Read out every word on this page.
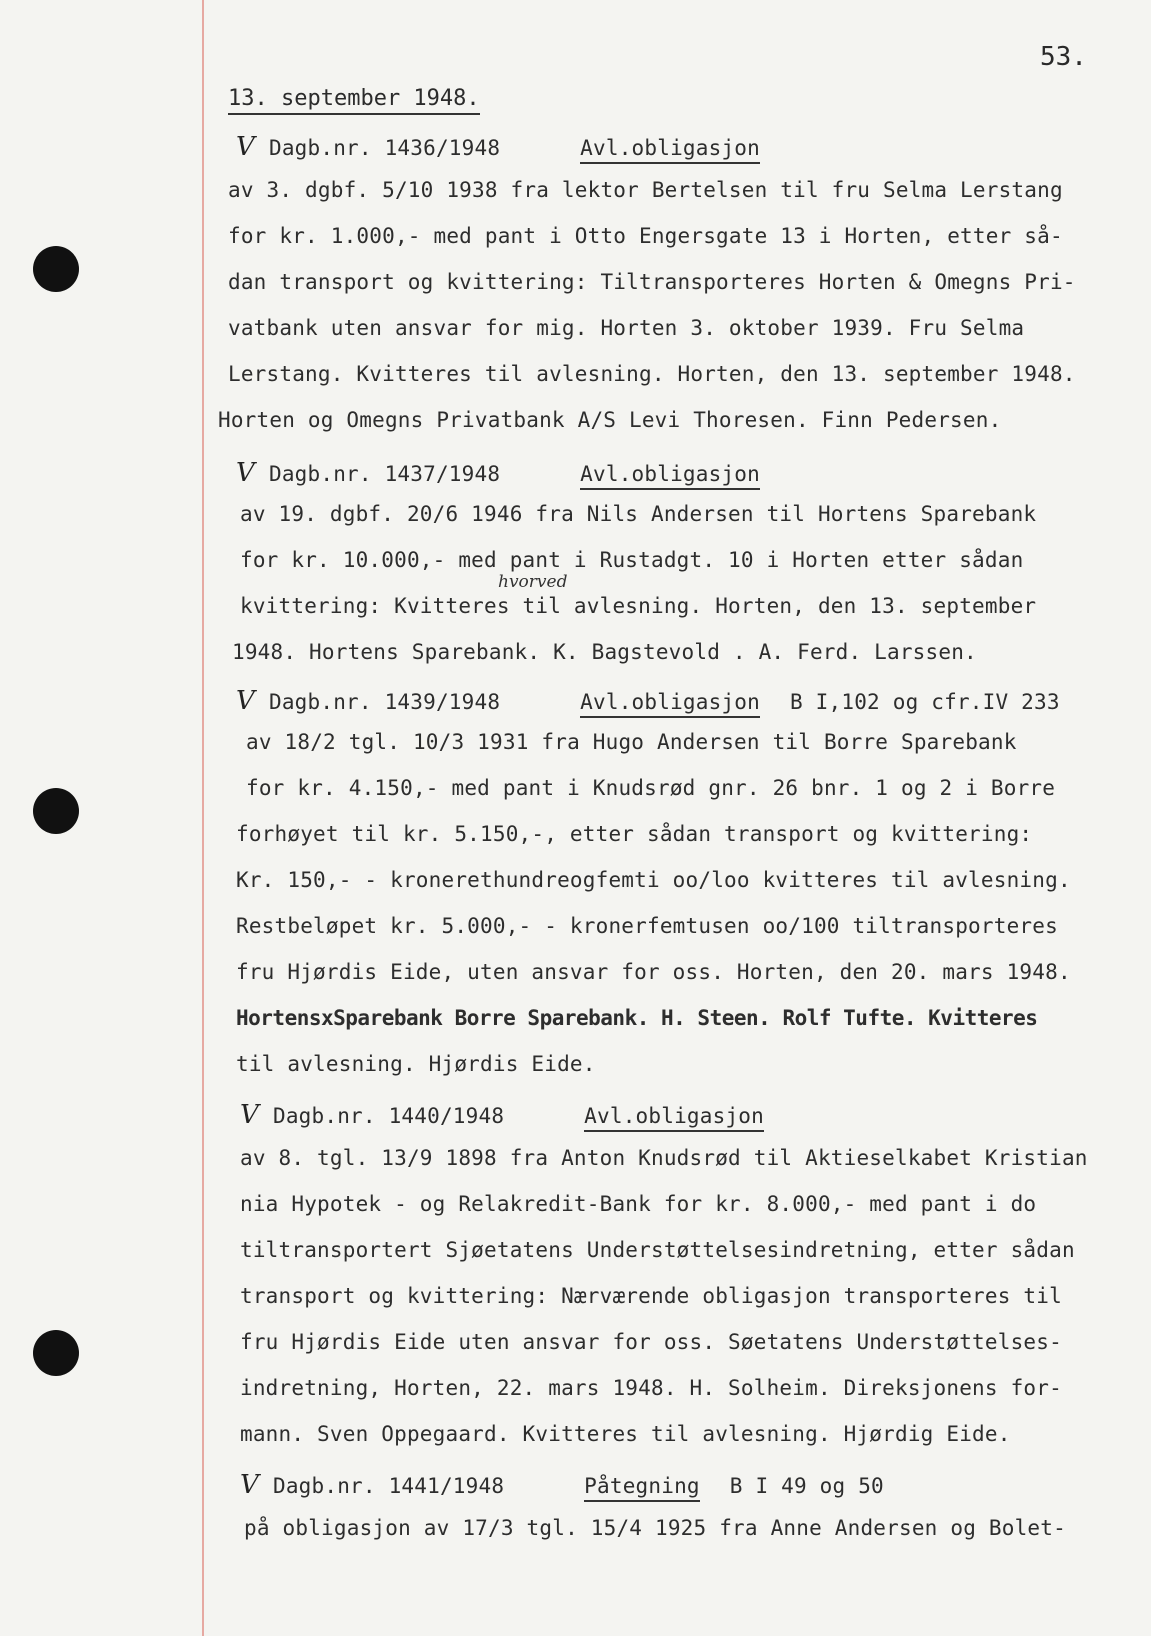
53.
13. september 1948.
V Dagb.nr. 1436/1948	Avl.obligasjon
av 3. dgbf. 5/10 1938 fra lektor Bertelsen til fru Selma Lerstang
for kr. 1.000,- med pant i Otto Engersgate 13 i Horten, etter så-
dan transport og kvittering: Tiltransporteres Horten & Omegns Pri-
vatbank uten ansvar for mig. Horten 3. oktober 1939. Fru Selma
Lerstang. Kvitteres til avlesning. Horten, den 13. september 1948.
Horten og Omegns Privatbank A/S Levi Thoresen. Finn Pedersen.
V Dagb.nr. 1437/1948	Avl.obligasjon
av 19. dgbf. 20/6 1946 fra Nils Andersen til Hortens Sparebank
for kr. 10.000,- med pant i Rustadgt. 10 i Horten etter sådan
hvorved
kvittering: Kvitteres til avlesning. Horten, den 13. september
1948. Hortens Sparebank. K. Bagstevold . A. Ferd. Larssen.
V Dagb.nr. 1439/1948	Avl.obligasjon B I,102 og cfr.IV 233
av 18/2 tgl. 10/3 1931 fra Hugo Andersen til Borre Sparebank
for kr. 4.150,- med pant i Knudsrød gnr. 26 bnr. 1 og 2 i Borre
forhøyet til kr. 5.150,-, etter sådan transport og kvittering:
Kr. 150,- - kronerethundreogfemti oo/loo kvitteres til avlesning.
Restbeløpet kr. 5.000,- - kronerfemtusen oo/100 tiltransporteres
fru Hjørdis Eide, uten ansvar for oss. Horten, den 20. mars 1948.
HortensxSparebank Borre Sparebank. H. Steen. Rolf Tufte. Kvitteres
til avlesning. Hjørdis Eide.
V Dagb.nr. 1440/1948	Avl.obligasjon
av 8. tgl. 13/9 1898 fra Anton Knudsrød til Aktieselkabet Kristian
nia Hypotek - og Relakredit-Bank for kr. 8.000,- med pant i do
tiltransportert Sjøetatens Understøttelsesindretning, etter sådan
transport og kvittering: Nærværende obligasjon transporteres til
fru Hjørdis Eide uten ansvar for oss. Søetatens Understøttelses-
indretning, Horten, 22. mars 1948. H. Solheim. Direksjonens for-
mann. Sven Oppegaard. Kvitteres til avlesning. Hjørdig Eide.
V Dagb.nr. 1441/1948	Påtegning B I 49 og 50
på obligasjon av 17/3 tgl. 15/4 1925 fra Anne Andersen og Bolet-
